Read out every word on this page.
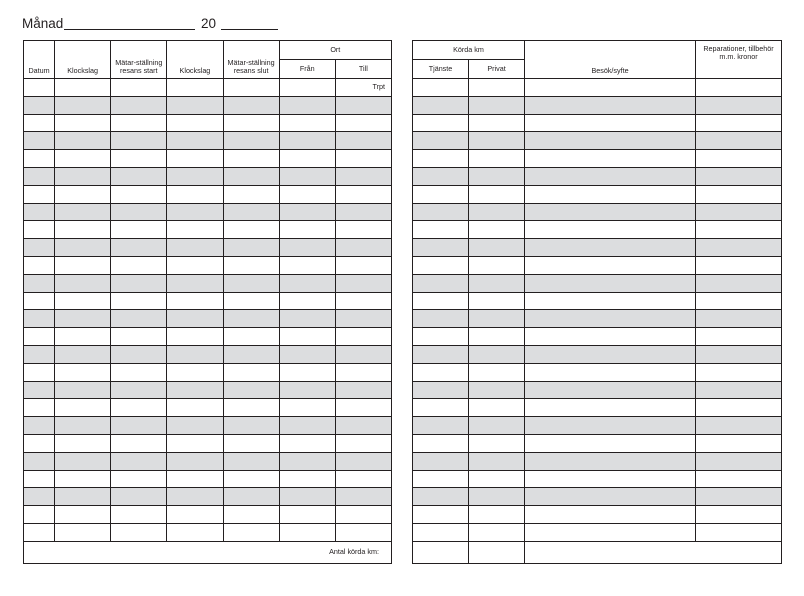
Månad	20
Datum	Klockslag	Mätar-ställning resans start	Klockslag	Mätar-ställning resans slut	Ort	
					Från	Till
						Trpt

Antal körda km:						
Körda km		Besök/syfte	Reparationer, tillbehör m.m. kronor
Tjänste	Privat		
